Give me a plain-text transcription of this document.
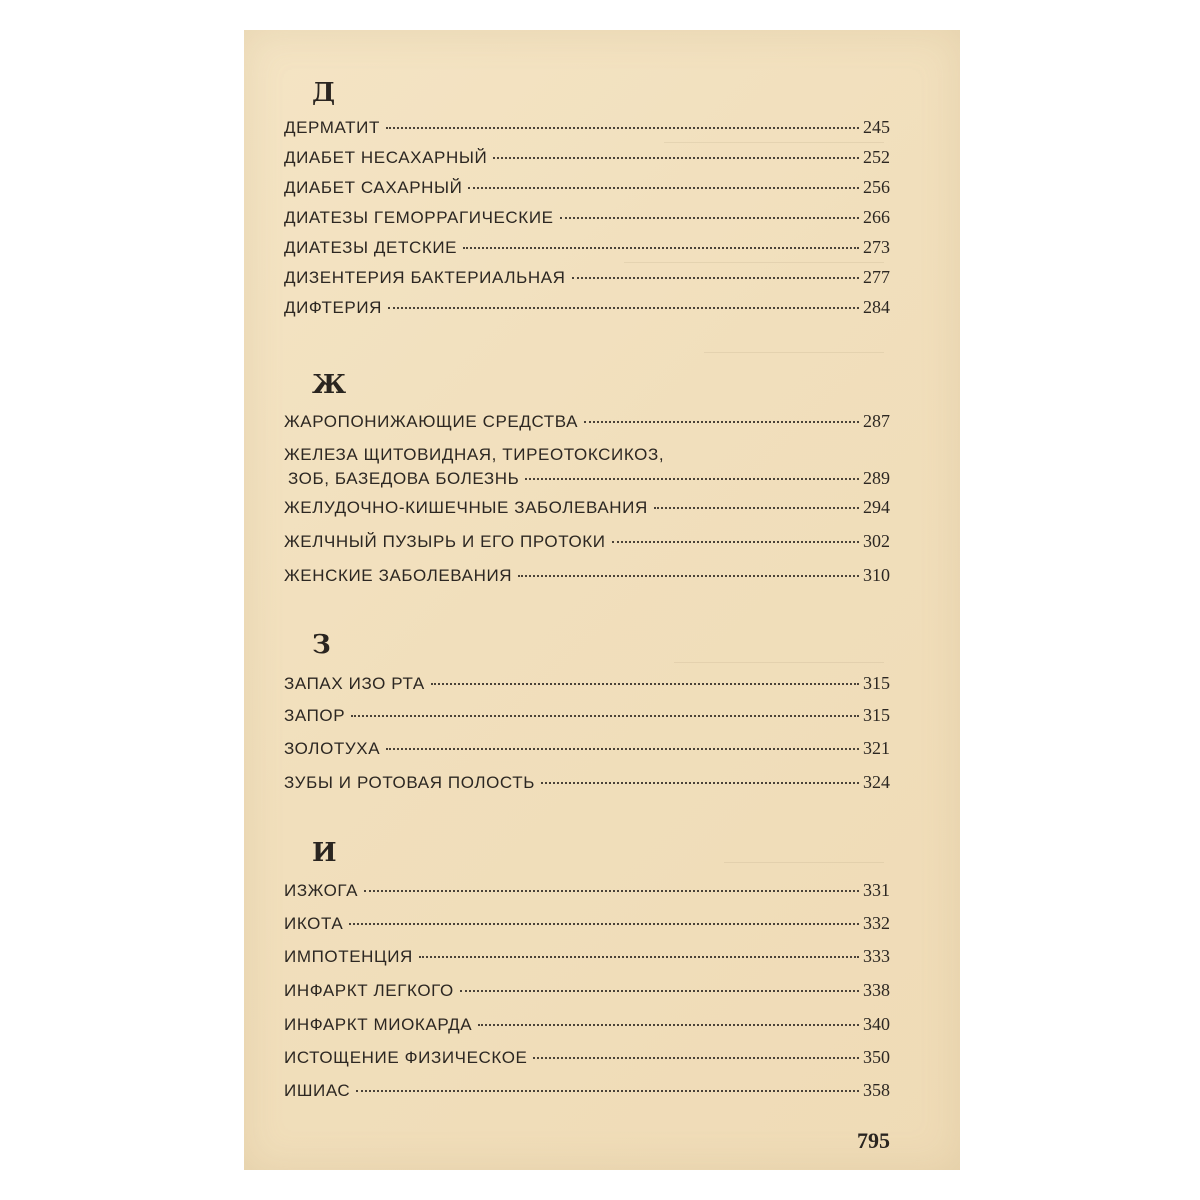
Д
ДЕРМАТИТ	245
ДИАБЕТ НЕСАХАРНЫЙ	252
ДИАБЕТ САХАРНЫЙ	256
ДИАТЕЗЫ ГЕМОРРАГИЧЕСКИЕ	266
ДИАТЕЗЫ ДЕТСКИЕ	273
ДИЗЕНТЕРИЯ БАКТЕРИАЛЬНАЯ	277
ДИФТЕРИЯ	284
Ж
ЖАРОПОНИЖАЮЩИЕ СРЕДСТВА	287
ЖЕЛЕЗА ЩИТОВИДНАЯ, ТИРЕОТОКСИКОЗ,
ЗОБ, БАЗЕДОВА БОЛЕЗНЬ	289
ЖЕЛУДОЧНО-КИШЕЧНЫЕ ЗАБОЛЕВАНИЯ	294
ЖЕЛЧНЫЙ ПУЗЫРЬ И ЕГО ПРОТОКИ	302
ЖЕНСКИЕ ЗАБОЛЕВАНИЯ	310
З
ЗАПАХ ИЗО РТА	315
ЗАПОР	315
ЗОЛОТУХА	321
ЗУБЫ И РОТОВАЯ ПОЛОСТЬ	324
И
ИЗЖОГА	331
ИКОТА	332
ИМПОТЕНЦИЯ	333
ИНФАРКТ ЛЕГКОГО	338
ИНФАРКТ МИОКАРДА	340
ИСТОЩЕНИЕ ФИЗИЧЕСКОЕ	350
ИШИАС	358
795
